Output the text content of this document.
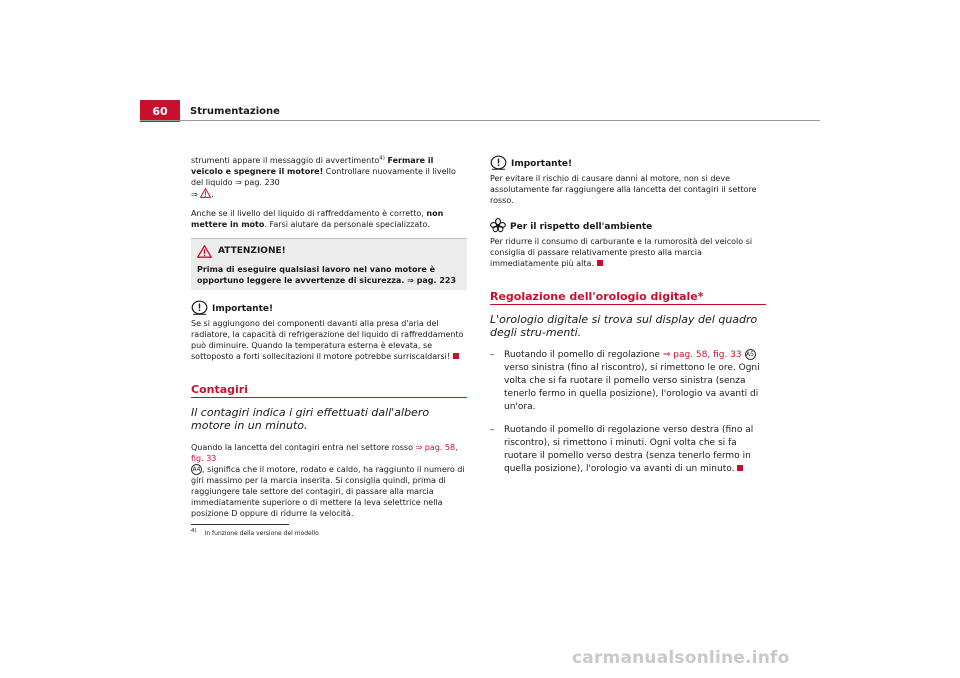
60	Strumentazione

strumenti appare il messaggio di avvertimento$^{4)}$ Fermare il veicolo e spegnere il motore! Controllare nuovamente il livello del liquido ⇒ pag. 230
⇒ .

Anche se il livello del liquido di raffreddamento è corretto, non mettere in moto. Farsi aiutare da personale specializzato.

ATTENZIONE!
Prima di eseguire qualsiasi lavoro nel vano motore è opportuno leggere le avvertenze di sicurezza. ⇒ pag. 223
Importante!
Se si aggiungono dei componenti davanti alla presa d'aria del radiatore, la capacità di refrigerazione del liquido di raffreddamento può diminuire. Quando la temperatura esterna è elevata, se sottoposto a forti sollecitazioni il motore potrebbe surriscaldarsi!
Contagiri
Il contagiri indica i giri effettuati dall'albero motore in un minuto.

Quando la lancetta del contagiri entra nel settore rosso ⇒ pag. 58, fig. 33
A4 , significa che il motore, rodato e caldo, ha raggiunto il numero di giri massimo per la marcia inserita. Si consiglia quindi, prima di raggiungere tale settore del contagiri, di passare alla marcia immediatamente superiore o di mettere la leva selettrice nella posizione D oppure di ridurre la velocità.

Importante!
Per evitare il rischio di causare danni al motore, non si deve assolutamente far raggiungere alla lancetta del contagiri il settore rosso.
Per il rispetto dell'ambiente
Per ridurre il consumo di carburante e la rumorosità del veicolo si consiglia di passare relativamente presto alla marcia immediatamente più alta.
Regolazione dell'orologio digitale*
L'orologio digitale si trova sul display del quadro degli stru-menti.
–	Ruotando il pomello di regolazione ⇒ pag. 58, fig. 33 A5 verso sinistra (fino al riscontro), si rimettono le ore. Ogni volta che si fa ruotare il pomello verso sinistra (senza tenerlo fermo in quella posizione), l'orologio va avanti di un'ora.
–	Ruotando il pomello di regolazione verso destra (fino al riscontro), si rimettono i minuti. Ogni volta che si fa ruotare il pomello verso destra (senza tenerlo fermo in quella posizione), l'orologio va avanti di un minuto.
$^{4)}$ In funzione della versione del modello
carmanualsonline.info
